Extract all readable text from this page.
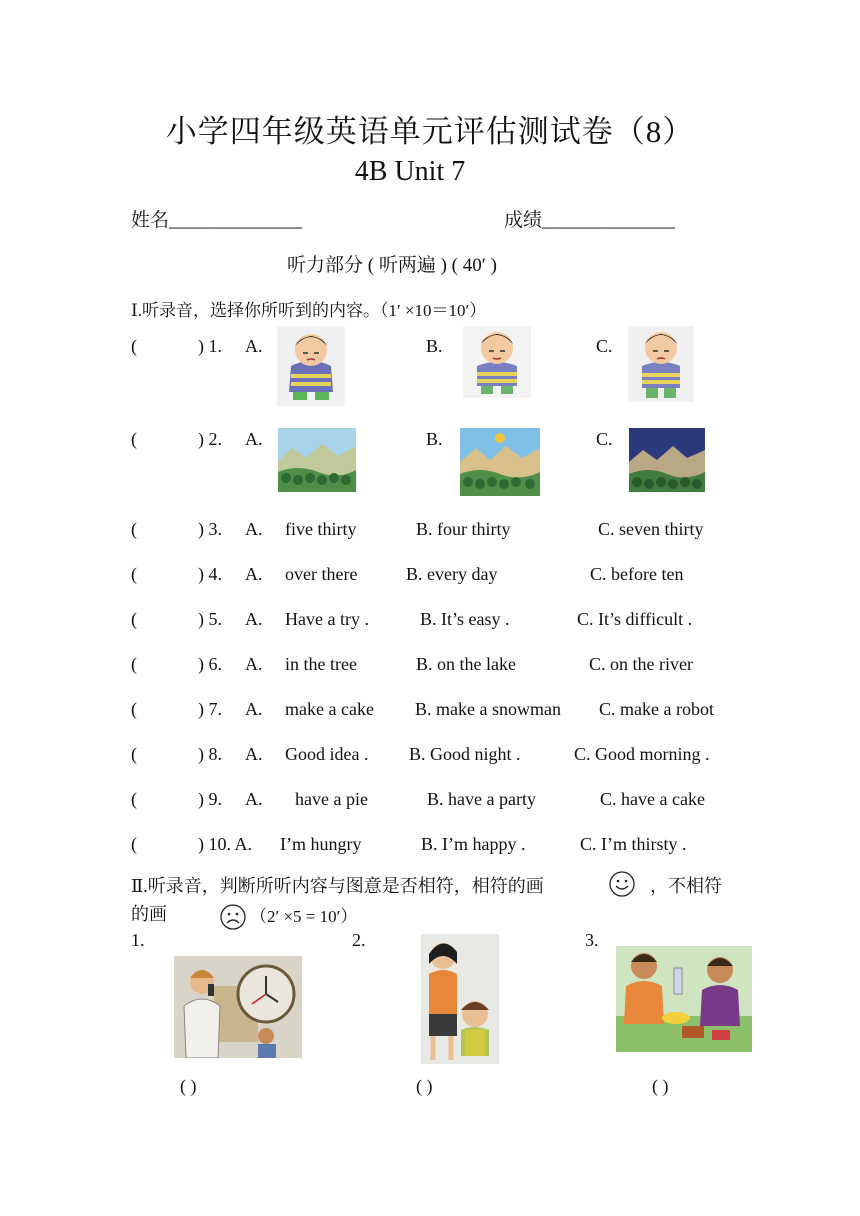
小学四年级英语单元评估测试卷（8）
4B Unit 7
姓名______________	成绩______________
听力部分 ( 听两遍 ) ( 40′ )
Ⅰ.听录音，选择你所听到的内容。（1′ ×10＝10′）
(	) 1. A.	B.	C.
(	) 2. A.	B.	C.
(	) 3. A. five thirty	B. four thirty	C. seven thirty
(	) 4. A. over there	B. every day	C. before ten
(	) 5. A. Have a try .	B. It’s easy .	C. It’s difficult .
(	) 6. A. in the tree	B. on the lake	C. on the river
(	) 7. A. make a cake B. make a snowman C. make a robot
(	) 8. A. Good idea . B. Good night .	C. Good morning .
(	) 9. A. have a pie	B. have a party	C. have a cake
(	) 10. A. I’m hungry	B. I’m happy .	C. I’m thirsty .
Ⅱ.听录音，判断所听内容与图意是否相符，相符的画	，不相符
的画	（2′ ×5 = 10′）
1.	2.	3.
( )	( )	( )
